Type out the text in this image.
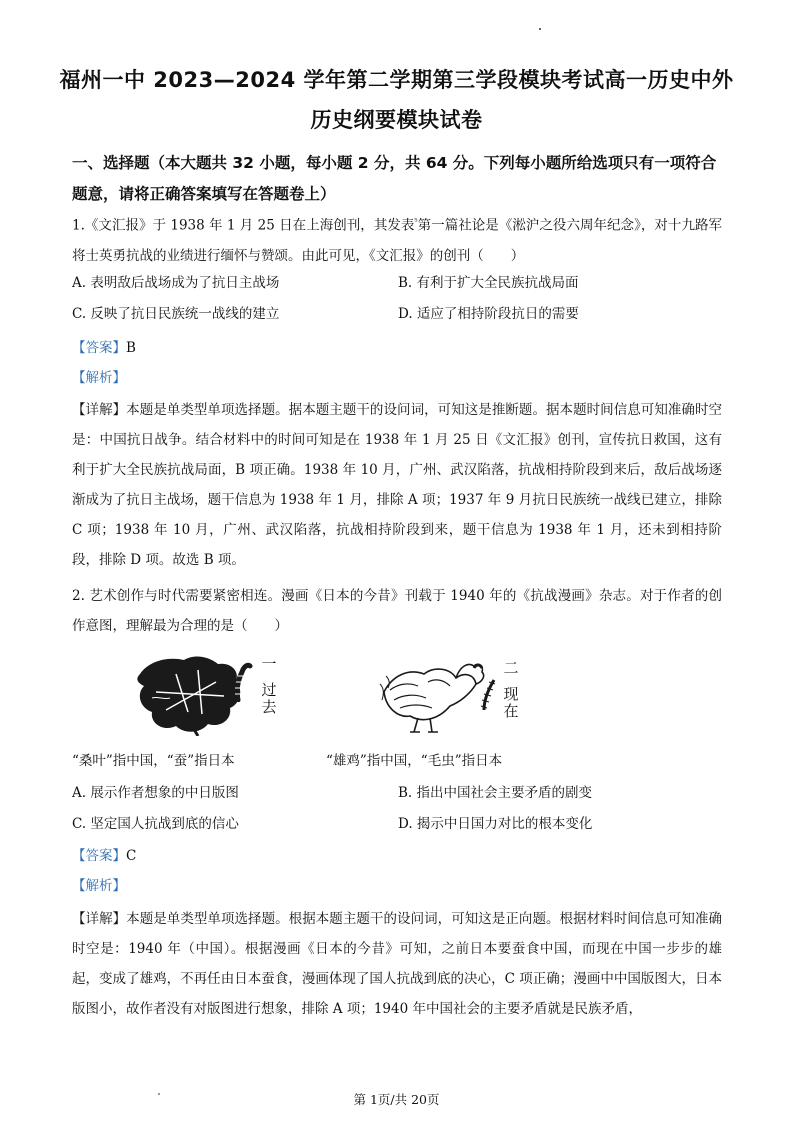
福州一中 2023—2024 学年第二学期第三学段模块考试高一历史中外
历史纲要模块试卷
一、选择题（本大题共 32 小题，每小题 2 分，共 64 分。下列每小题所给选项只有一项符合题意，请将正确答案填写在答题卷上）
1.《文汇报》于 1938 年 1 月 25 日在上海创刊，其发表$^{^5}$第一篇社论是《淞沪之役六周年纪念》，对十九路军将士英勇抗战的业绩进行缅怀与赞颂。由此可见，《文汇报》的创刊（　　）
A. 表明敌后战场成为了抗日主战场	B. 有利于扩大全民族抗战局面
C. 反映了抗日民族统一战线的建立	D. 适应了相持阶段抗日的需要
【答案】B
【解析】
【详解】本题是单类型单项选择题。据本题主题干的设问词，可知这是推断题。据本题时间信息可知准确时空是：中国抗日战争。结合材料中的时间可知是在 1938 年 1 月 25 日《文汇报》创刊，宣传抗日救国，这有利于扩大全民族抗战局面，B 项正确。1938 年 10 月，广州、武汉陷落，抗战相持阶段到来后，敌后战场逐渐成为了抗日主战场，题干信息为 1938 年 1 月，排除 A 项；1937 年 9 月抗日民族统一战线已建立，排除 C 项；1938 年 10 月，广州、武汉陷落，抗战相持阶段到来，题干信息为 1938 年 1 月，还未到相持阶段，排除 D 项。故选 B 项。
2. 艺术创作与时代需要紧密相连。漫画《日本的今昔》刊载于 1940 年的《抗战漫画》杂志。对于作者的创作意图，理解最为合理的是（　　）
一
过
去
二
现
在
“桑叶”指中国，“蚕”指日本	“雄鸡”指中国，“毛虫”指日本
A. 展示作者想象的中日版图	B. 指出中国社会主要矛盾的剧变
C. 坚定国人抗战到底的信心	D. 揭示中日国力对比的根本变化
【答案】C
【解析】
【详解】本题是单类型单项选择题。根据本题主题干的设问词，可知这是正向题。根据材料时间信息可知准确时空是：1940 年（中国）。根据漫画《日本的今昔》可知，之前日本要蚕食中国，而现在中国一步步的雄起，变成了雄鸡，不再任由日本蚕食，漫画体现了国人抗战到底的决心，C 项正确；漫画中中国版图大，日本版图小，故作者没有对版图进行想象，排除 A 项；1940 年中国社会的主要矛盾就是民族矛盾，
第 1页/共 20页
